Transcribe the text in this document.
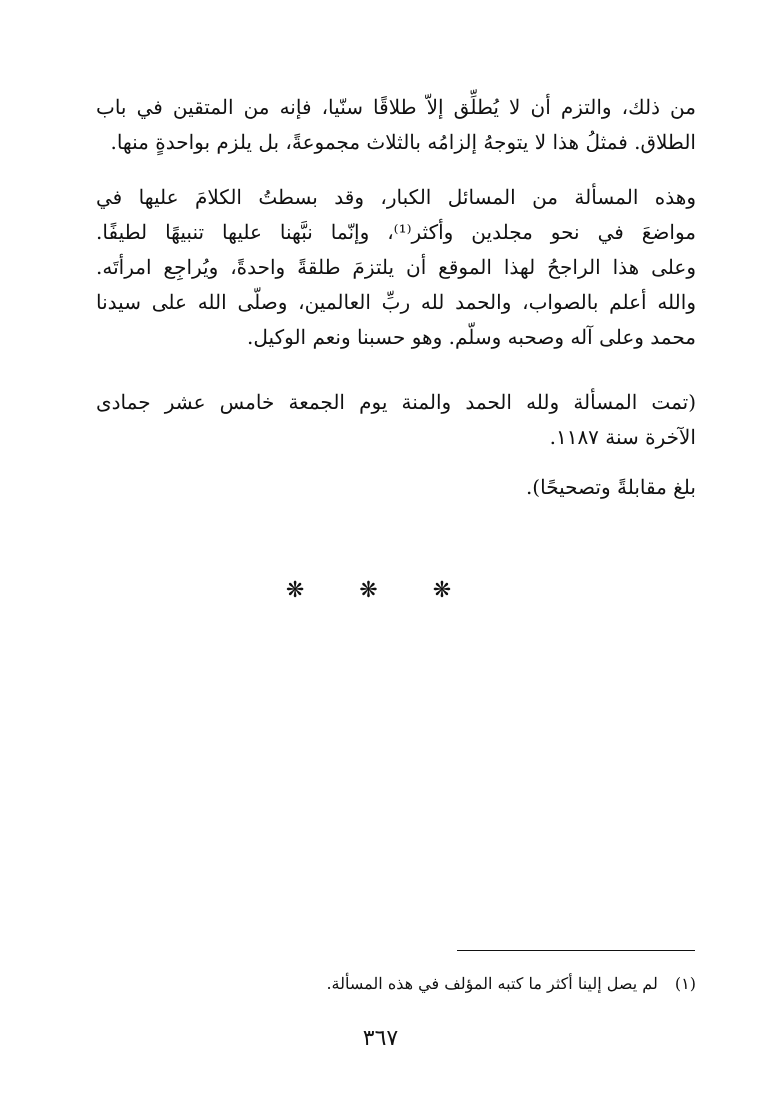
من ذلك، والتزم أن لا يُطلِّق إلاّ طلاقًا سنّيا، فإنه من المتقين في باب
الطلاق. فمثلُ هذا لا يتوجهُ إلزامُه بالثلاث مجموعةً، بل يلزم بواحدةٍ منها.
وهذه المسألة من المسائل الكبار، وقد بسطتُ الكلامَ عليها في
مواضعَ في نحو مجلدين وأكثر⁽¹⁾، وإنّما نبَّهنا عليها تنبيهًا لطيفًا.
وعلى هذا الراجحُ لهذا الموقع أن يلتزمَ طلقةً واحدةً، ويُراجِع امرأتَه.
والله أعلم بالصواب، والحمد لله ربِّ العالمين، وصلّى الله على سيدنا
محمد وعلى آله وصحبه وسلّم. وهو حسبنا ونعم الوكيل.
(تمت المسألة ولله الحمد والمنة يوم الجمعة خامس عشر جمادى
الآخرة سنة ١١٨٧.
بلغ مقابلةً وتصحيحًا).
❋ ❋ ❋
(١) لم يصل إلينا أكثر ما كتبه المؤلف في هذه المسألة.
٣٦٧
